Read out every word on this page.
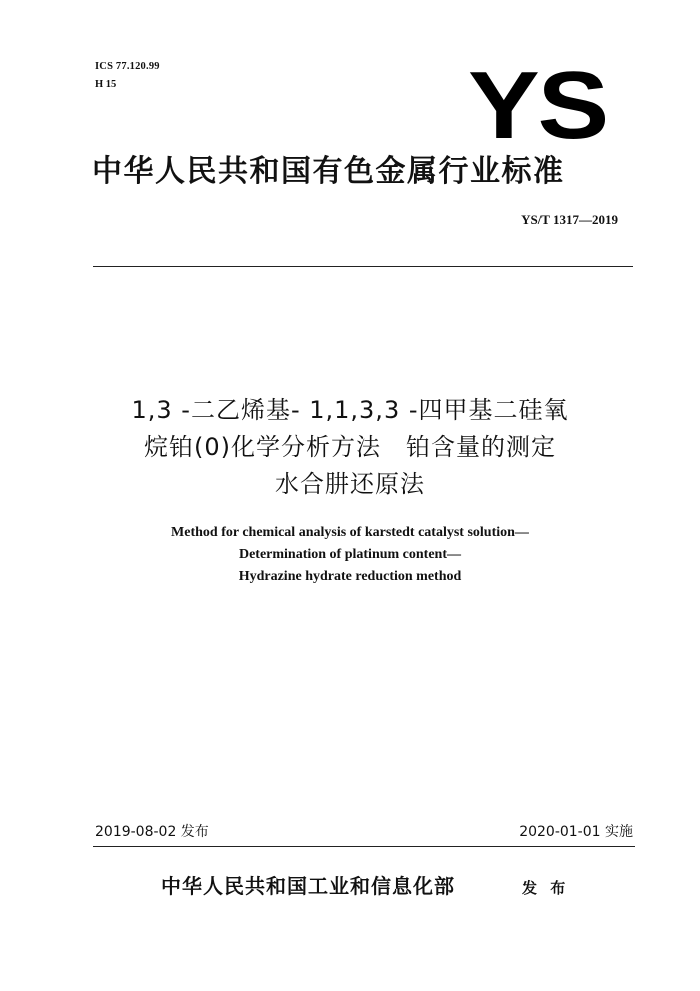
ICS 77.120.99
H 15	YS
中华人民共和国有色金属行业标准
YS/T 1317—2019
1,3 -二乙烯基- 1,1,3,3 -四甲基二硅氧
烷铂(0)化学分析方法　铂含量的测定
水合肼还原法
Method for chemical analysis of karstedt catalyst solution—
Determination of platinum content—
Hydrazine hydrate reduction method
2019-08-02 发布	2020-01-01 实施
中华人民共和国工业和信息化部	发 布
